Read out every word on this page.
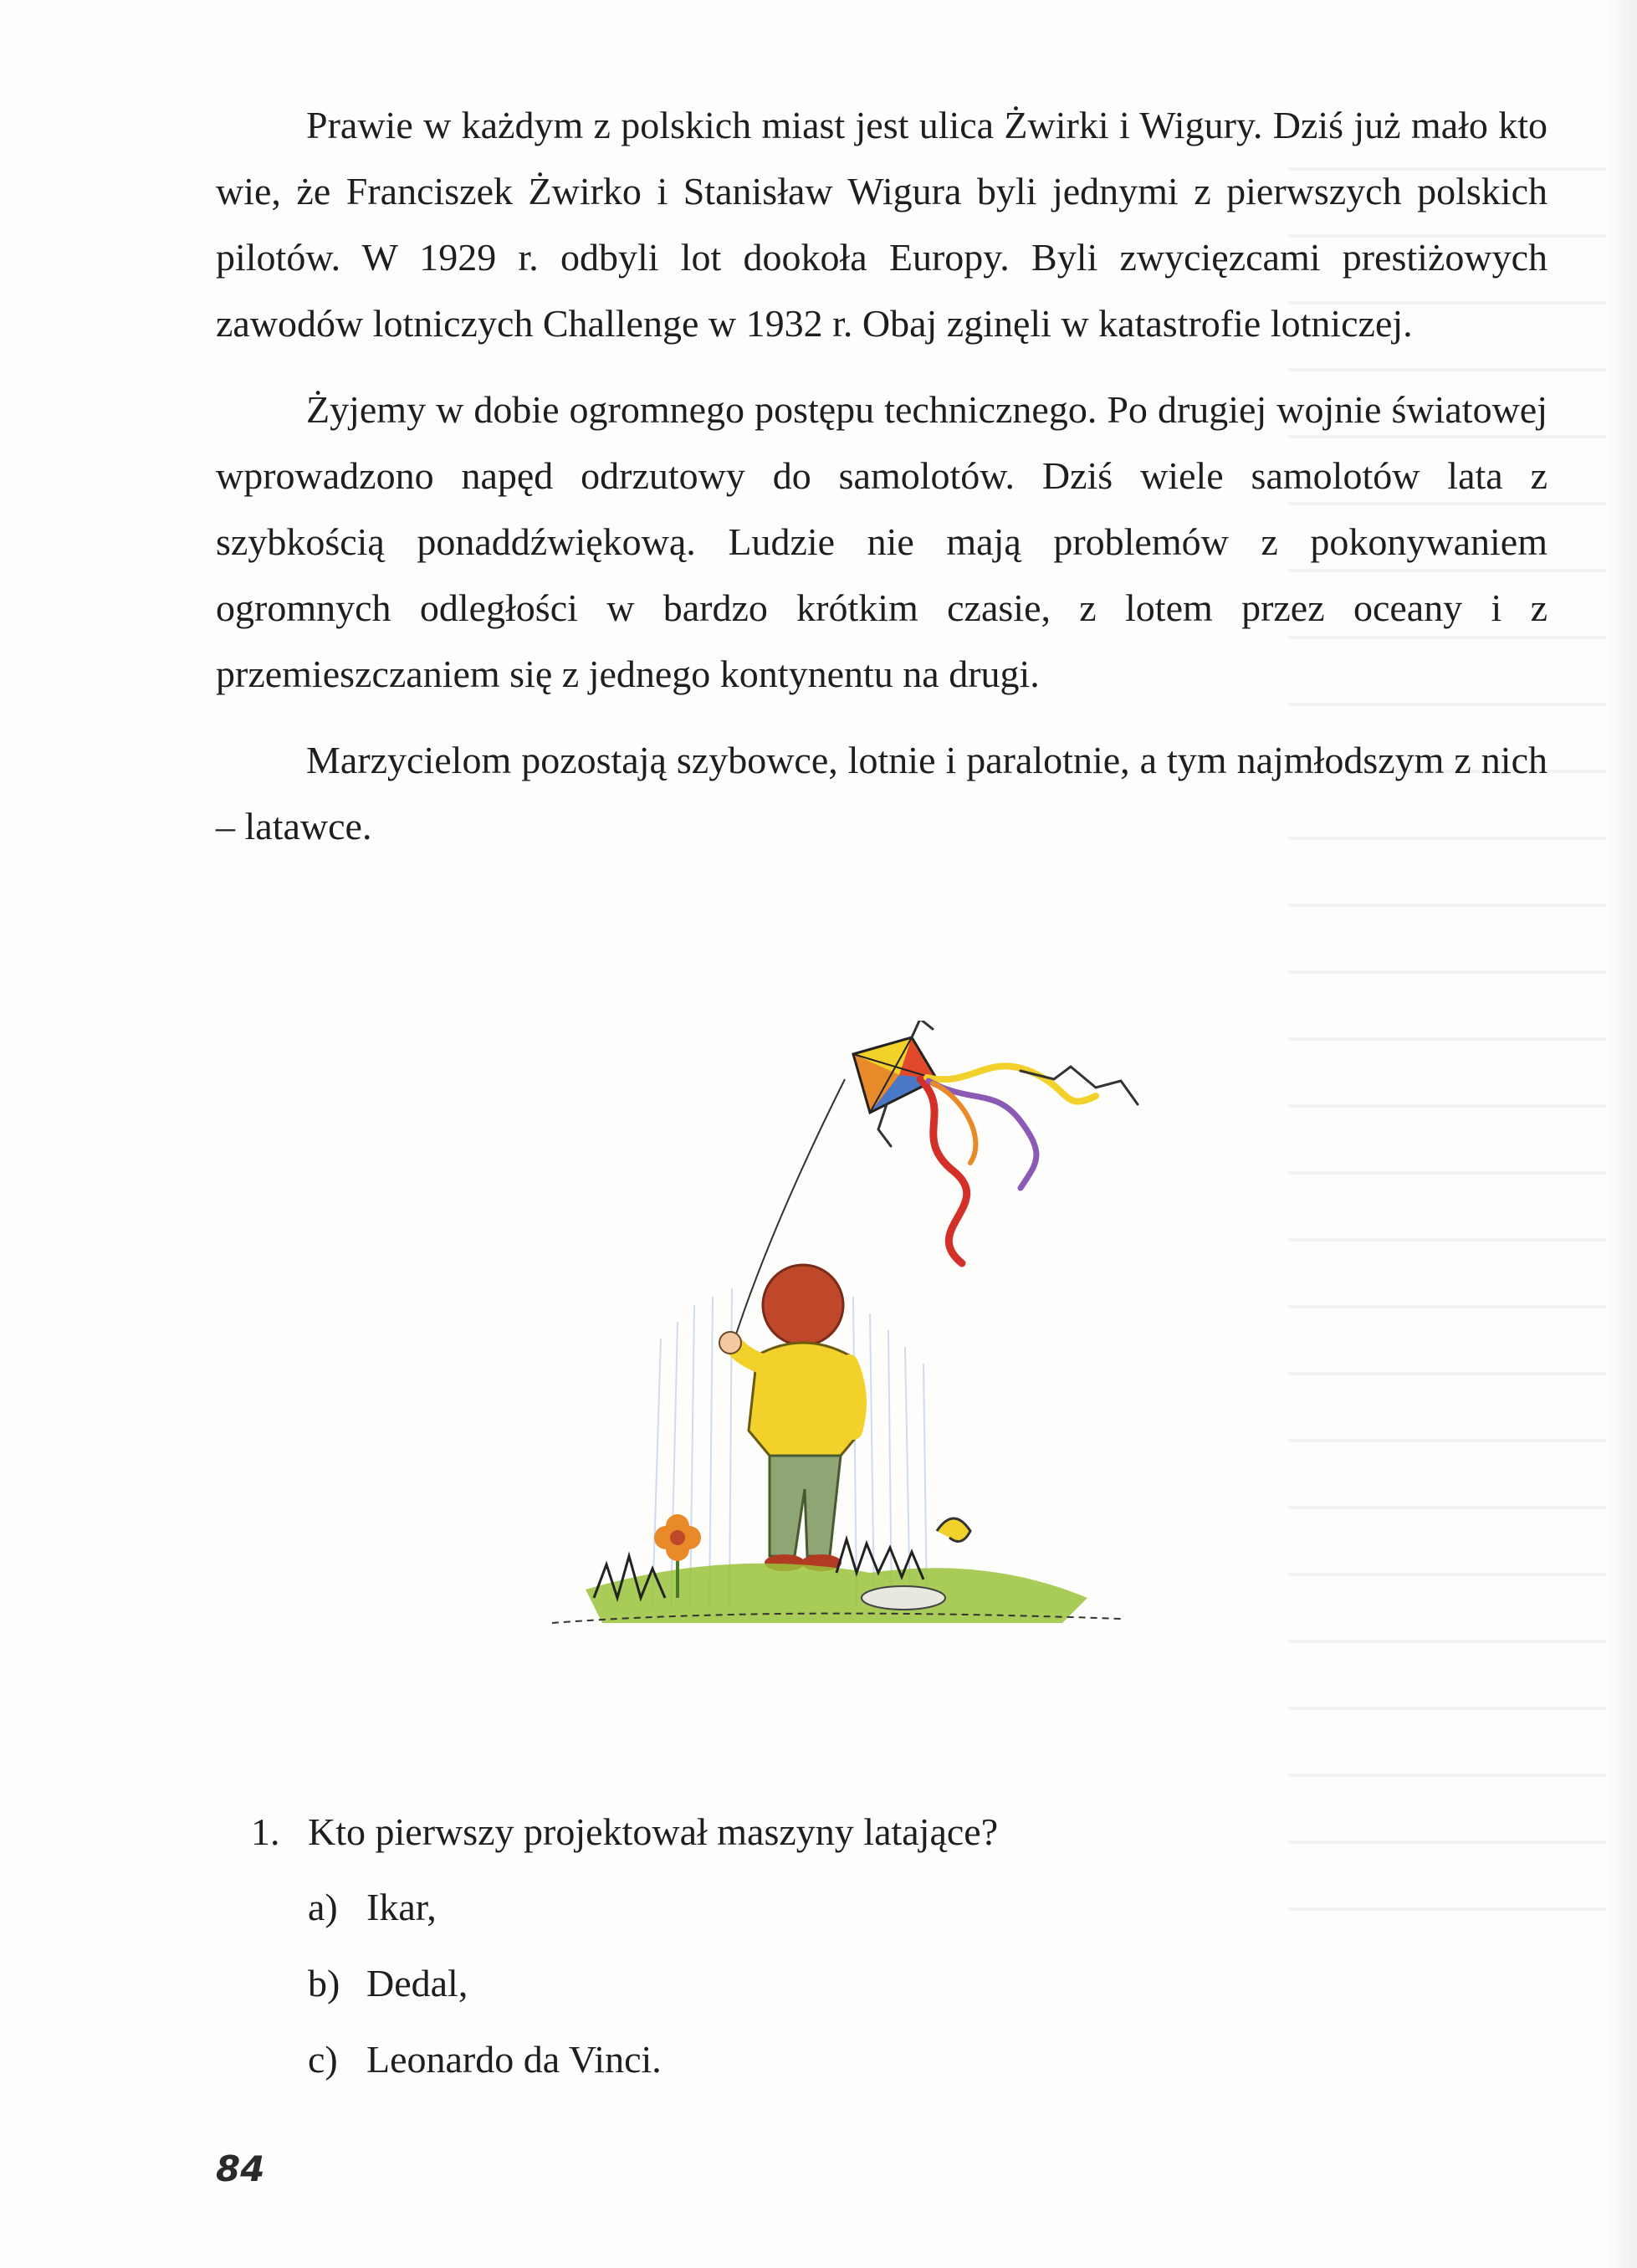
Prawie w każdym z polskich miast jest ulica Żwirki i Wigury. Dziś już mało kto wie, że Franciszek Żwirko i Stanisław Wigura byli jednymi z pierwszych polskich pilotów. W 1929 r. odbyli lot dookoła Europy. Byli zwycięzcami prestiżowych zawodów lotniczych Challenge w 1932 r. Obaj zginęli w katastrofie lotniczej.

Żyjemy w dobie ogromnego postępu technicznego. Po drugiej wojnie światowej wprowadzono napęd odrzutowy do samolotów. Dziś wiele samolotów lata z szybkością ponaddźwiękową. Ludzie nie mają problemów z pokonywaniem ogromnych odległości w bardzo krótkim czasie, z lotem przez oceany i z przemieszczaniem się z jednego kontynentu na drugi.

Marzycielom pozostają szybowce, lotnie i paralotnie, a tym najmłodszym z nich – latawce.

1. Kto pierwszy projektował maszyny latające?
a) Ikar,
b) Dedal,
c) Leonardo da Vinci.
84
